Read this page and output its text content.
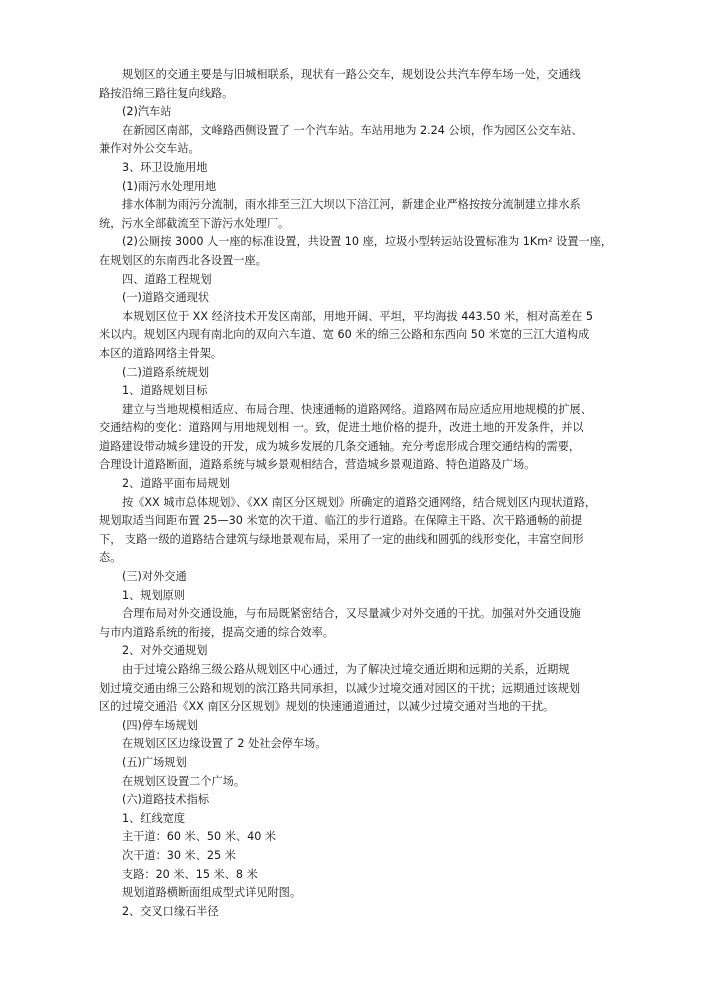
规划区的交通主要是与旧城相联系，现状有一路公交车，规划设公共汽车停车场一处，交通线
路按沿绵三路往复向线路。
(2)汽车站
在新园区南部，文峰路西侧设置了 一个汽车站。车站用地为 2.24 公顷，作为园区公交车站、
兼作对外公交车站。
3、环卫设施用地
(1)雨污水处理用地
排水体制为雨污分流制，雨水排至三江大坝以下涪江河，新建企业严格按按分流制建立排水系
统，污水全部截流至下游污水处理厂。
(2)公厕按 3000 人一座的标准设置，共设置 10 座，垃圾小型转运站设置标准为 1Km² 设置一座，
在规划区的东南西北各设置一座。
四、道路工程规划
(一)道路交通现状
本规划区位于 XX 经济技术开发区南部，用地开阔、平坦，平均海拔 443.50 米，相对高差在 5
米以内。规划区内现有南北向的双向六车道、宽 60 米的绵三公路和东西向 50 米宽的三江大道构成
本区的道路网络主骨架。
(二)道路系统规划
1、道路规划目标
建立与当地规模相适应、布局合理、快速通畅的道路网络。道路网布局应适应用地规模的扩展、
交通结构的变化：道路网与用地规划相 一。致，促进土地价格的提升，改进土地的开发条件，并以
道路建设带动城乡建设的开发，成为城乡发展的几条交通轴。充分考虑形成合理交通结构的需要，
合理设计道路断面，道路系统与城乡景观相结合，营造城乡景观道路、特色道路及广场。
2、道路平面布局规划
按《XX 城市总体规划》、《XX 南区分区规划》所确定的道路交通网络，结合规划区内现状道路，
规划取适当间距布置 25—30 米宽的次干道、临江的步行道路。在保障主干路、次干路通畅的前提
下， 支路一级的道路结合建筑与绿地景观布局，采用了一定的曲线和圆弧的线形变化，丰富空间形
态。
(三)对外交通
1、规划原则
合理布局对外交通设施，与布局既紧密结合，又尽量减少对外交通的干扰。加强对外交通设施
与市内道路系统的衔接，提高交通的综合效率。
2、对外交通规划
由于过境公路绵三级公路从规划区中心通过，为了解决过境交通近期和远期的关系，近期规
划过境交通由绵三公路和规划的滨江路共同承担，以减少过境交通对园区的干扰；远期通过该规划
区的过境交通沿《XX 南区分区规划》规划的快速通道通过，以减少过境交通对当地的干扰。
(四)停车场规划
在规划区区边缘设置了 2 处社会停车场。
(五)广场规划
在规划区设置二个广场。
(六)道路技术指标
1、红线宽度
主干道：60 米、50 米、40 米
次干道：30 米、25 米
支路：20 米、15 米、8 米
规划道路横断面组成型式详见附图。
2、交叉口缘石半径
